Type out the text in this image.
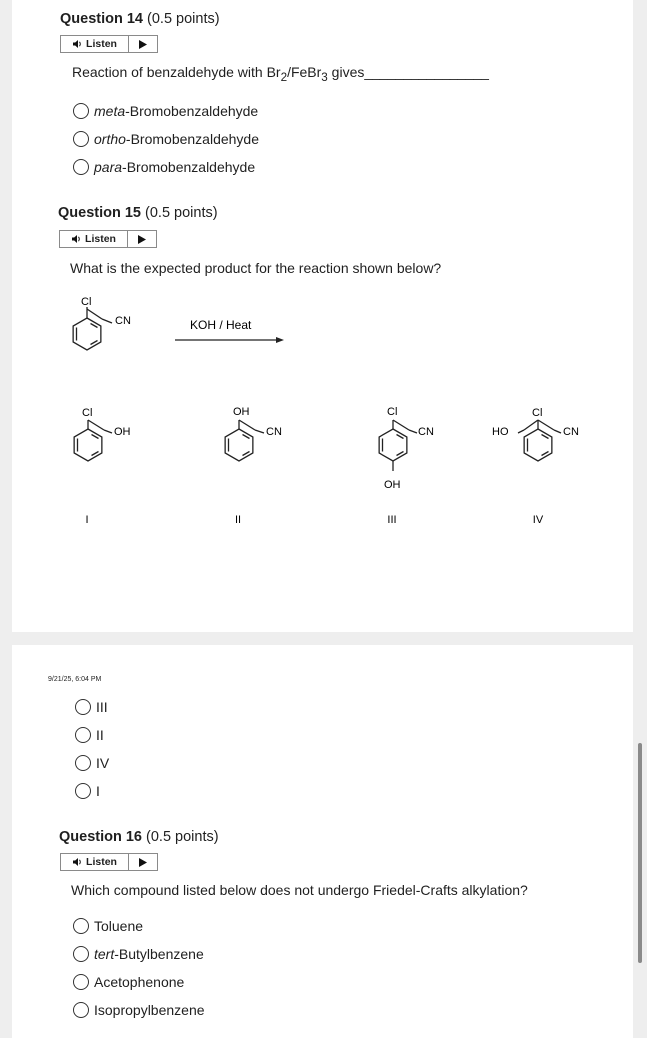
Question 14 (0.5 points)
Listen
Reaction of benzaldehyde with $Br_2/FeBr_3$ gives________________
meta -Bromobenzaldehyde
ortho -Bromobenzaldehyde
para -Bromobenzaldehyde
Question 15 (0.5 points)
Listen
What is the expected product for the reaction shown below?
Cl
CN	KOH / Heat
Cl
OH
I
OH
CN
II
Cl
CN
OH
III
HO
Cl
CN
IV
9/21/25, 6:04 PM
III
II
IV
I
Question 16 (0.5 points)
Listen
Which compound listed below does not undergo Friedel-Crafts alkylation?
Toluene
tert -Butylbenzene
Acetophenone
Isopropylbenzene
